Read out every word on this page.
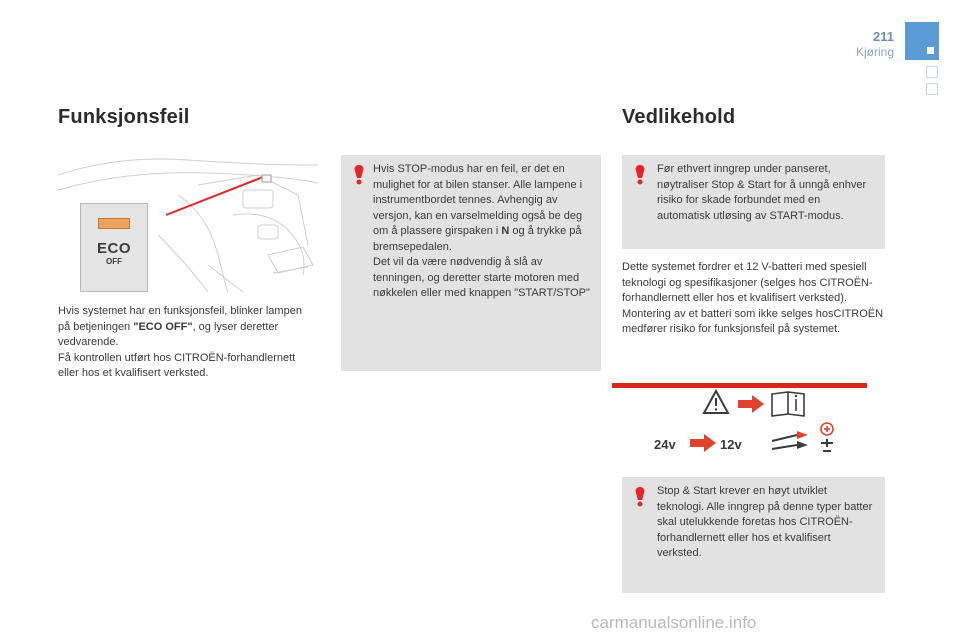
211
Kjøring
Funksjonsfeil
ECO
OFF

Hvis systemet har en funksjonsfeil, blinker lampen på betjeningen "ECO OFF", og lyser deretter vedvarende.

Få kontrollen utført hos CITROËN-forhandlernett eller hos et kvalifisert verksted.

Hvis STOP-modus har en feil, er det en mulighet for at bilen stanser. Alle lampene i instrumentbordet tennes. Avhengig av versjon, kan en varselmelding også be deg om å plassere girspaken i N og å trykke på bremsepedalen.

Det vil da være nødvendig å slå av tenningen, og deretter starte motoren med nøkkelen eller med knappen "START/STOP"

Vedlikehold
Før ethvert inngrep under panseret, nøytraliser Stop & Start for å unngå enhver risiko for skade forbundet med en automatisk utløsing av START-modus.

Dette systemet fordrer et 12 V-batteri med spesiell teknologi og spesifikasjoner (selges hos CITROËN-forhandlernett eller hos et kvalifisert verksted).

Montering av et batteri som ikke selges hosCITROËN medfører risiko for funksjonsfeil på systemet.

24v	12v
Stop & Start krever en høyt utviklet teknologi. Alle inngrep på denne typer batter skal utelukkende foretas hos CITROËN-forhandlernett eller hos et kvalifisert verksted.
carmanualsonline.info
